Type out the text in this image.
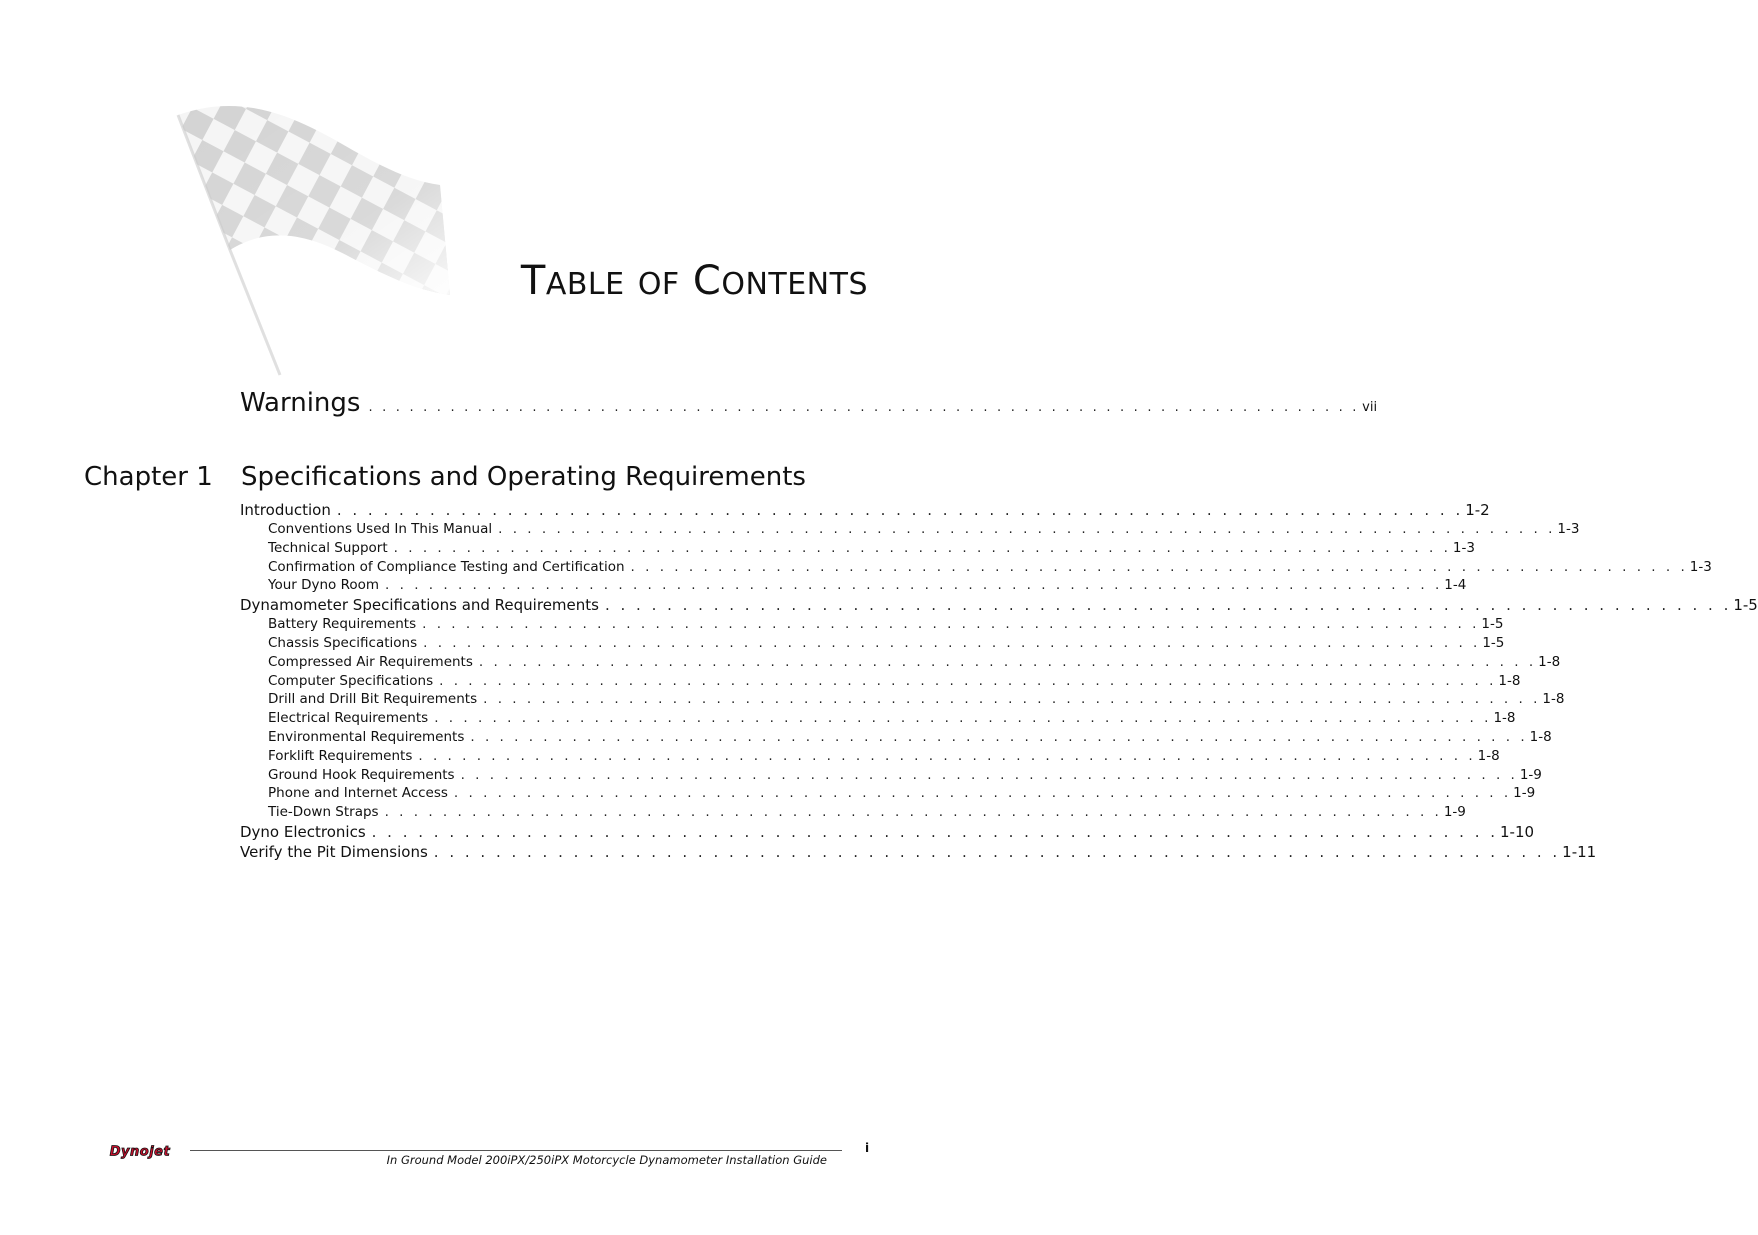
TABLE OF CONTENTS
Warnings . . . . . . . . . . . . . . . . . . . . . . . . . . . . . . . . . . . . . . . . . . . . . . . . . . . . . . . . . . . . . . . . . . . . . . . . . vii
Chapter 1 Specifications and Operating Requirements
Introduction . . . . . . . . . . . . . . . . . . . . . . . . . . . . . . . . . . . . . . . . . . . . . . . . . . . . . . . . . . . . . . . . . . . . . . . . . 1-2
Conventions Used In This Manual . . . . . . . . . . . . . . . . . . . . . . . . . . . . . . . . . . . . . . . . . . . . . . . . . . . . . . . . . . . . . . . . . . . . . . . . . 1-3
Technical Support . . . . . . . . . . . . . . . . . . . . . . . . . . . . . . . . . . . . . . . . . . . . . . . . . . . . . . . . . . . . . . . . . . . . . . . . . 1-3
Confirmation of Compliance Testing and Certification . . . . . . . . . . . . . . . . . . . . . . . . . . . . . . . . . . . . . . . . . . . . . . . . . . . . . . . . . . . . . . . . . . . . . . . . . 1-3
Your Dyno Room . . . . . . . . . . . . . . . . . . . . . . . . . . . . . . . . . . . . . . . . . . . . . . . . . . . . . . . . . . . . . . . . . . . . . . . . . 1-4
Dynamometer Specifications and Requirements . . . . . . . . . . . . . . . . . . . . . . . . . . . . . . . . . . . . . . . . . . . . . . . . . . . . . . . . . . . . . . . . . . . . . . . . . 1-5
Battery Requirements . . . . . . . . . . . . . . . . . . . . . . . . . . . . . . . . . . . . . . . . . . . . . . . . . . . . . . . . . . . . . . . . . . . . . . . . . 1-5
Chassis Specifications . . . . . . . . . . . . . . . . . . . . . . . . . . . . . . . . . . . . . . . . . . . . . . . . . . . . . . . . . . . . . . . . . . . . . . . . . 1-5
Compressed Air Requirements . . . . . . . . . . . . . . . . . . . . . . . . . . . . . . . . . . . . . . . . . . . . . . . . . . . . . . . . . . . . . . . . . . . . . . . . . 1-8
Computer Specifications . . . . . . . . . . . . . . . . . . . . . . . . . . . . . . . . . . . . . . . . . . . . . . . . . . . . . . . . . . . . . . . . . . . . . . . . . 1-8
Drill and Drill Bit Requirements . . . . . . . . . . . . . . . . . . . . . . . . . . . . . . . . . . . . . . . . . . . . . . . . . . . . . . . . . . . . . . . . . . . . . . . . . 1-8
Electrical Requirements . . . . . . . . . . . . . . . . . . . . . . . . . . . . . . . . . . . . . . . . . . . . . . . . . . . . . . . . . . . . . . . . . . . . . . . . . 1-8
Environmental Requirements . . . . . . . . . . . . . . . . . . . . . . . . . . . . . . . . . . . . . . . . . . . . . . . . . . . . . . . . . . . . . . . . . . . . . . . . . 1-8
Forklift Requirements . . . . . . . . . . . . . . . . . . . . . . . . . . . . . . . . . . . . . . . . . . . . . . . . . . . . . . . . . . . . . . . . . . . . . . . . . 1-8
Ground Hook Requirements . . . . . . . . . . . . . . . . . . . . . . . . . . . . . . . . . . . . . . . . . . . . . . . . . . . . . . . . . . . . . . . . . . . . . . . . . 1-9
Phone and Internet Access . . . . . . . . . . . . . . . . . . . . . . . . . . . . . . . . . . . . . . . . . . . . . . . . . . . . . . . . . . . . . . . . . . . . . . . . . 1-9
Tie-Down Straps . . . . . . . . . . . . . . . . . . . . . . . . . . . . . . . . . . . . . . . . . . . . . . . . . . . . . . . . . . . . . . . . . . . . . . . . . 1-9
Dyno Electronics . . . . . . . . . . . . . . . . . . . . . . . . . . . . . . . . . . . . . . . . . . . . . . . . . . . . . . . . . . . . . . . . . . . . . . . . . 1-10
Verify the Pit Dimensions . . . . . . . . . . . . . . . . . . . . . . . . . . . . . . . . . . . . . . . . . . . . . . . . . . . . . . . . . . . . . . . . . . . . . . . . . 1-11
Dynojet	i
In Ground Model 200iPX/250iPX Motorcycle Dynamometer Installation Guide
